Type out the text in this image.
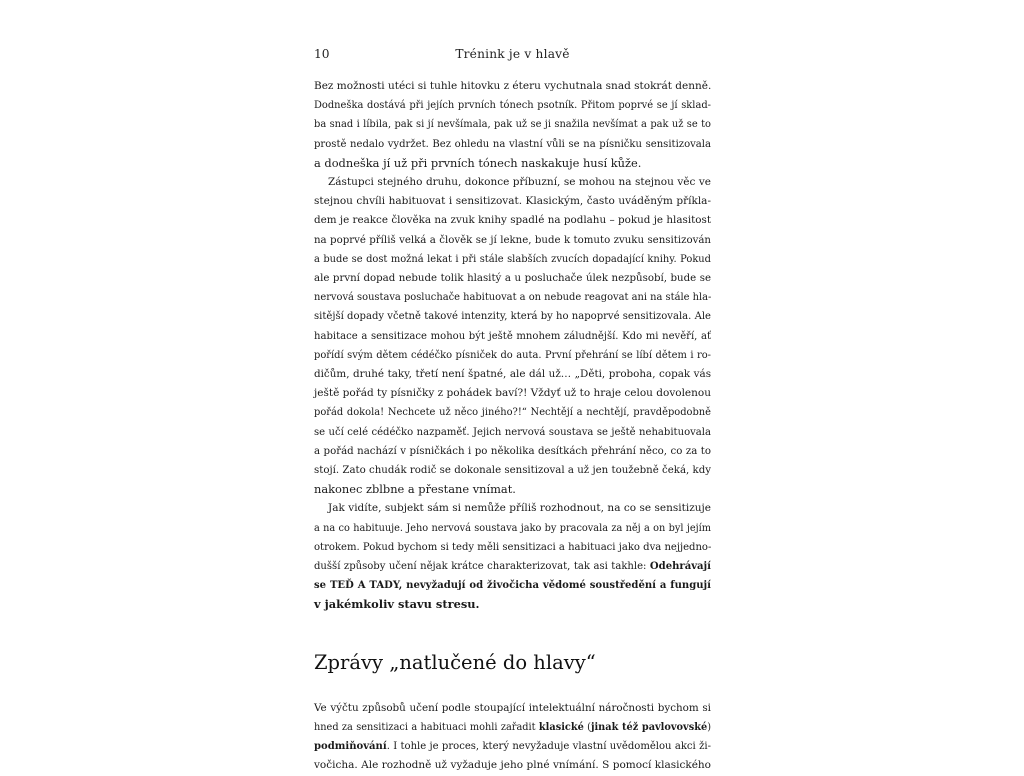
10	Trénink je v hlavě

Bez možnosti utéci si tuhle hitovku z éteru vychutnala snad stokrát denně.
Dodneška dostává při jejích prvních tónech psotník. Přitom poprvé se jí sklad-
ba snad i líbila, pak si jí nevšímala, pak už se ji snažila nevšímat a pak už se to
prostě nedalo vydržet. Bez ohledu na vlastní vůli se na písničku sensitizovala
a dodneška jí už při prvních tónech naskakuje husí kůže.

Zástupci stejného druhu, dokonce příbuzní, se mohou na stejnou věc ve
stejnou chvíli habituovat i sensitizovat. Klasickým, často uváděným příkla-
dem je reakce člověka na zvuk knihy spadlé na podlahu – pokud je hlasitost
na poprvé příliš velká a člověk se jí lekne, bude k tomuto zvuku sensitizován
a bude se dost možná lekat i při stále slabších zvucích dopadající knihy. Pokud
ale první dopad nebude tolik hlasitý a u posluchače úlek nezpůsobí, bude se
nervová soustava posluchače habituovat a on nebude reagovat ani na stále hla-
sitější dopady včetně takové intenzity, která by ho napoprvé sensitizovala. Ale
habitace a sensitizace mohou být ještě mnohem záludnější. Kdo mi nevěří, ať
pořídí svým dětem cédéčko písniček do auta. První přehrání se líbí dětem i ro-
dičům, druhé taky, třetí není špatné, ale dál už… „Děti, proboha, copak vás
ještě pořád ty písničky z pohádek baví?! Vždyť už to hraje celou dovolenou
pořád dokola! Nechcete už něco jiného?!“ Nechtějí a nechtějí, pravděpodobně
se učí celé cédéčko nazpaměť. Jejich nervová soustava se ještě nehabituovala
a pořád nachází v písničkách i po několika desítkách přehrání něco, co za to
stojí. Zato chudák rodič se dokonale sensitizoval a už jen toužebně čeká, kdy
nakonec zblbne a přestane vnímat.

Jak vidíte, subjekt sám si nemůže příliš rozhodnout, na co se sensitizuje
a na co habituuje. Jeho nervová soustava jako by pracovala za něj a on byl jejím
otrokem. Pokud bychom si tedy měli sensitizaci a habituaci jako dva nejjedno-
dušší způsoby učení nějak krátce charakterizovat, tak asi takhle: Odehrávají
se TEĎ A TADY, nevyžadují od živočicha vědomé soustředění a fungují
v jakémkoliv stavu stresu.

Zprávy „natlučené do hlavy“

Ve výčtu způsobů učení podle stoupající intelektuální náročnosti bychom si
hned za sensitizaci a habituaci mohli zařadit klasické (jinak též pavlovovské)
podmiňování. I tohle je proces, který nevyžaduje vlastní uvědomělou akci ži-
vočicha. Ale rozhodně už vyžaduje jeho plné vnímání. S pomocí klasického
